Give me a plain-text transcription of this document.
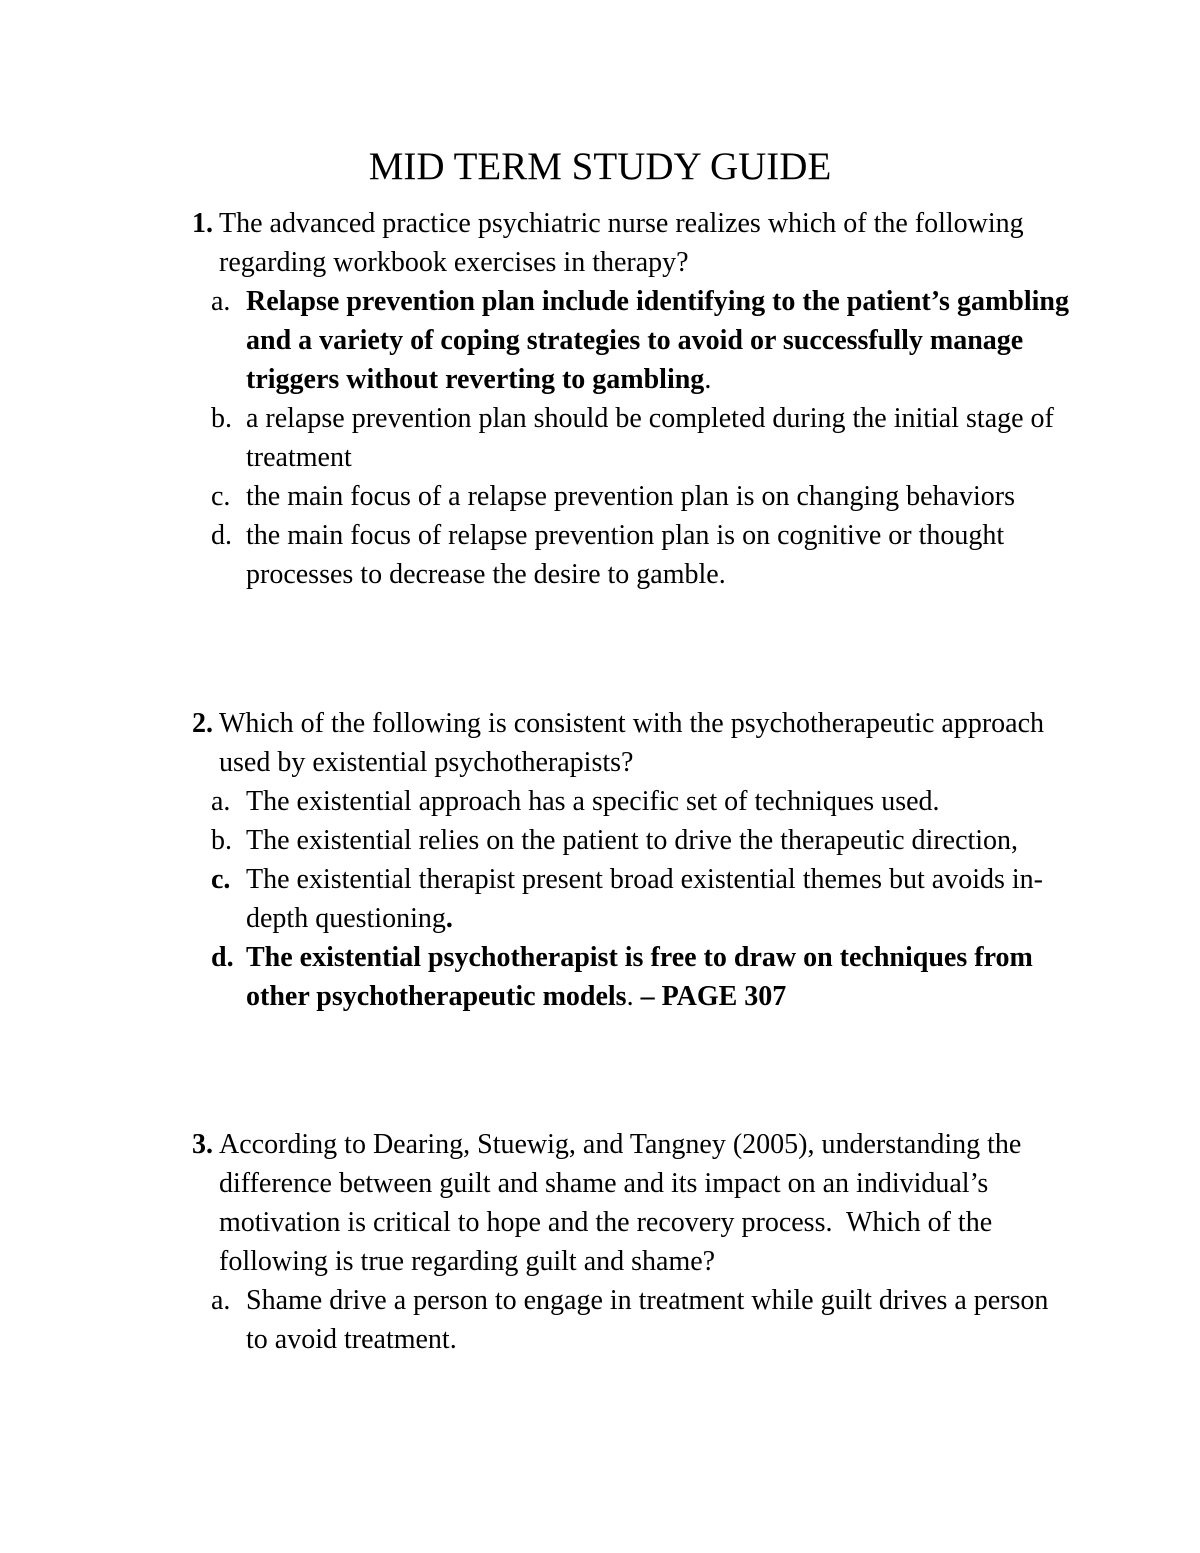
MID TERM STUDY GUIDE
1. The advanced practice psychiatric nurse realizes which of the following regarding workbook exercises in therapy?
a. Relapse prevention plan include identifying to the patient’s gambling and a variety of coping strategies to avoid or successfully manage triggers without reverting to gambling.
b. a relapse prevention plan should be completed during the initial stage of treatment
c. the main focus of a relapse prevention plan is on changing behaviors
d. the main focus of relapse prevention plan is on cognitive or thought processes to decrease the desire to gamble.
2. Which of the following is consistent with the psychotherapeutic approach used by existential psychotherapists?
a. The existential approach has a specific set of techniques used.
b. The existential relies on the patient to drive the therapeutic direction,
c. The existential therapist present broad existential themes but avoids in-depth questioning.
d. The existential psychotherapist is free to draw on techniques from other psychotherapeutic models. – PAGE 307
3. According to Dearing, Stuewig, and Tangney (2005), understanding the difference between guilt and shame and its impact on an individual’s motivation is critical to hope and the recovery process.  Which of the following is true regarding guilt and shame?
a. Shame drive a person to engage in treatment while guilt drives a person to avoid treatment.
